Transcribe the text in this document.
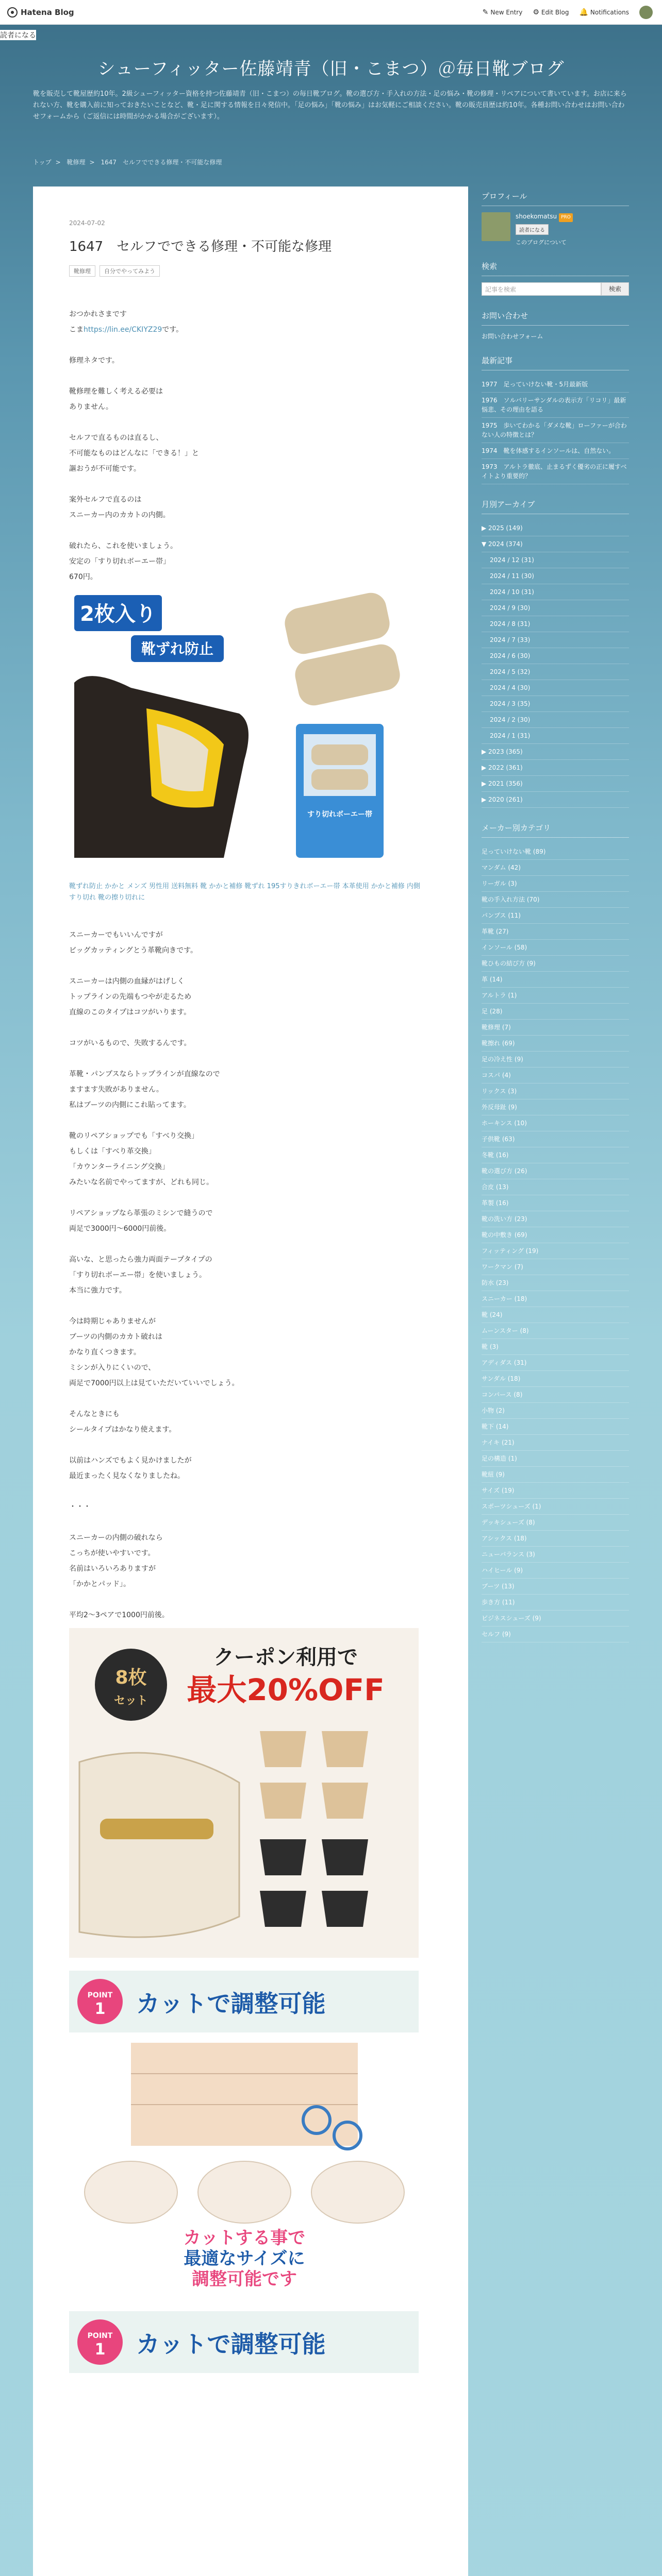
Hatena Blog	✎ New Entry ⚙ Edit Blog 🔔 Notifications
読者になる
シューフィッター佐藤靖青（旧・こまつ）＠毎日靴ブログ
靴を販売して靴屋歴約10年。2級シューフィッター資格を持つ佐藤靖青（旧・こまつ）の毎日靴ブログ。靴の選び方・手入れの方法・足の悩み・靴の修理・リペアについて書いています。お店に来られない方、靴を購入前に知っておきたいことなど、靴・足に関する情報を日々発信中。「足の悩み」「靴の悩み」はお気軽にご相談ください。靴の販売員歴は約10年。各種お問い合わせはお問い合わせフォームから（ご返信には時間がかかる場合がございます）。
トップ > 靴修理 > 1647　セルフでできる修理・不可能な修理
2024-07-02
1647　セルフでできる修理・不可能な修理
靴修理	自分でやってみよう

おつかれさまです
こまhttps://lin.ee/CKIYZ29です。

修理ネタです。

靴修理を難しく考える必要は
ありません。

セルフで直るものは直るし、
不可能なものはどんなに「できる！」と
謳おうが不可能です。

案外セルフで直るのは
スニーカー内のカカトの内側。

破れたら、これを使いましょう。
安定の「すり切れボーエー帯」
670円。

2枚入り
靴ずれ防止
すり切れボーエー帯
靴ずれ防止 かかと メンズ 男性用 送料無料 靴 かかと補修 靴ずれ 195すりきれボーエー帯 本革使用 かかと補修 内側 すり切れ 靴の擦り切れに

スニーカーでもいいんですが
ビッグカッティングとう革靴向きです。

スニーカーは内側の血縁がはげしく
トップラインの先端もつやが走るため
直線のこのタイプはコツがいります。

コツがいるもので、失敗するんです。

革靴・パンプスならトップラインが直線なので
ますます失敗がありません。
私はブーツの内側にこれ貼ってます。

靴のリペアショップでも「すべり交換」
もしくは「すべり革交換」
「カウンターライニング交換」
みたいな名前でやってますが、どれも同じ。

リペアショップなら革張のミシンで縫うので
両足で3000円〜6000円前後。

高いな、と思ったら強力両面テープタイプの
「すり切れボーエー帯」を使いましょう。
本当に強力です。

今は時期じゃありませんが
ブーツの内側のカカト破れは
かなり直くつきます。
ミシンが入りにくいので、
両足で7000円以上は見ていただいていいでしょう。

そんなときにも
シールタイプはかなり使えます。

以前はハンズでもよく見かけましたが
最近まったく見なくなりましたね。

・・・

スニーカーの内側の破れなら
こっちが使いやすいです。
名前はいろいろありますが
「かかとパッド」。

平均2〜3ペアで1000円前後。

クーポン利用で
最大20%OFF
8枚
セット
POINT
1 カットで調整可能
カットする事で
最適なサイズに
調整可能です
POINT
1 カットで調整可能
プロフィール
shoekomatsu PRO
読者になる
このブログについて
検索
記事を検索	検索
お問い合わせ
お問い合わせフォーム
最新記事
1977　足っていけない靴・5月最新版
1976　ソルバリーサンダルの表示方「リコリ」最新悩悲、その理由を語る
1975　歩いてわかる「ダメな靴」ローファーが合わない人の特徴とは？
1974　靴を体感するインソールは、自然ない。
1973　アルトラ徹底、止まるずく優劣の正に履すベイトより重要的？
月別アーカイブ
▶ 2025 (149)
▼ 2024 (374)
2024 / 12 (31)
2024 / 11 (30)
2024 / 10 (31)
2024 / 9 (30)
2024 / 8 (31)
2024 / 7 (33)
2024 / 6 (30)
2024 / 5 (32)
2024 / 4 (30)
2024 / 3 (35)
2024 / 2 (30)
2024 / 1 (31)
▶ 2023 (365)
▶ 2022 (361)
▶ 2021 (356)
▶ 2020 (261)
メーカー別カテゴリ
足っていけない靴 (89)
マンダム (42)
リーガル (3)
靴の手入れ方法 (70)
パンプス (11)
革靴 (27)
インソール (58)
靴ひもの結び方 (9)
革 (14)
アルトラ (1)
足 (28)
靴修理 (7)
靴擦れ (69)
足の冷え性 (9)
コスパ (4)
リックス (3)
外反母趾 (9)
ホーキンス (10)
子供靴 (63)
冬靴 (16)
靴の選び方 (26)
合皮 (13)
革製 (16)
靴の洗い方 (23)
靴の中敷き (69)
フィッティング (19)
ワークマン (7)
防水 (23)
スニーカー (18)
靴 (24)
ムーンスター (8)
靴 (3)
アディダス (31)
サンダル (18)
コンバース (8)
小物 (2)
靴下 (14)
ナイキ (21)
足の構造 (1)
靴紐 (9)
サイズ (19)
スポーツシューズ (1)
デッキシューズ (8)
アシックス (18)
ニューバランス (3)
ハイヒール (9)
ブーツ (13)
歩き方 (11)
ビジネスシューズ (9)
セルフ (9)
